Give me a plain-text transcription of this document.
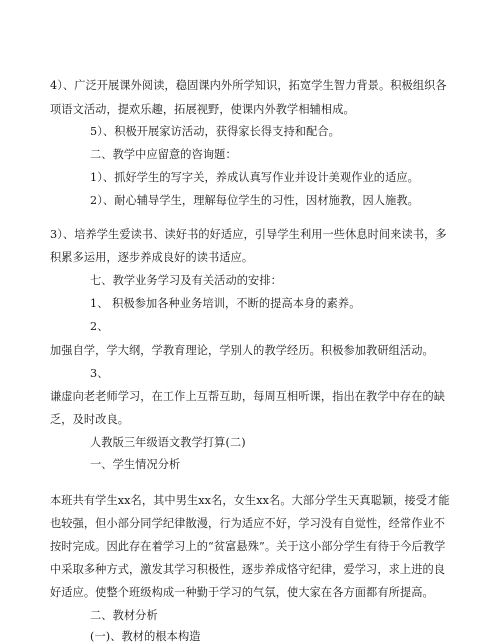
4）、广泛开展课外阅读，稳固课内外所学知识，拓宽学生智力背景。积极组织各
项语文活动，提欢乐趣，拓展视野，使课内外教学相辅相成。
5）、积极开展家访活动，获得家长得支持和配合。
二、教学中应留意的咨询题：
1）、抓好学生的写字关，养成认真写作业并设计美观作业的适应。
2）、耐心辅导学生，理解每位学生的习性，因材施教，因人施教。
3）、培养学生爱读书、读好书的好适应，引导学生利用一些休息时间来读书，多
积累多运用，逐步养成良好的读书适应。
七、教学业务学习及有关活动的安排：
1、 积极参加各种业务培训，不断的提高本身的素养。
2、
加强自学，学大纲，学教育理论，学别人的教学经历。积极参加教研组活动。
3、
谦虚向老老师学习，在工作上互帮互助，每周互相听课，指出在教学中存在的缺
乏，及时改良。
人教版三年级语文教学打算(二)
一、学生情况分析
本班共有学生xx名，其中男生xx名，女生xx名。大部分学生天真聪颖，接受才能
也较强，但小部分同学纪律散漫，行为适应不好，学习没有自觉性，经常作业不
按时完成。因此存在着学习上的“贫富悬殊”。关于这小部分学生有待于今后教学
中采取多种方式，激发其学习积极性，逐步养成恪守纪律，爱学习，求上进的良
好适应。使整个班级构成一种勤于学习的气氛，使大家在各方面都有所提高。
二、教材分析
(一)、教材的根本构造
